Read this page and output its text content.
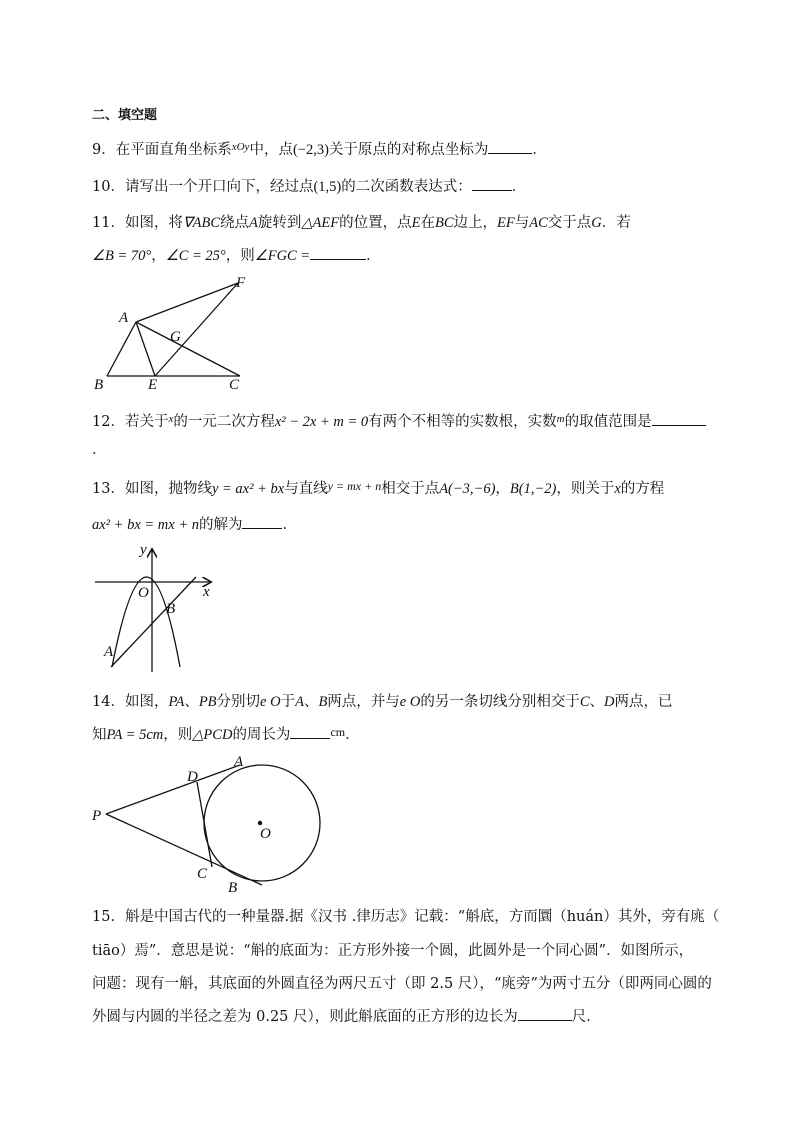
二、填空题
9．在平面直角坐标系$^{xOy}$中，点(−2,3)关于原点的对称点坐标为	．
10．请写出一个开口向下，经过点(1,5)的二次函数表达式：	．
11．如图，将∇ABC绕点A旋转到△AEF的位置，点E在BC边上，EF与AC交于点G．若
∠B = 70°，∠C = 25°，则∠FGC =	．
A
F
G
B	E	C
12．若关于$^x$的一元二次方程x² − 2x + m = 0有两个不相等的实数根，实数$^m$的取值范围是
．
13．如图，抛物线y = ax² + bx与直线$^{y = mx + n}$相交于点A(−3,−6)，B(1,−2)，则关于x的方程
ax² + bx = mx + n的解为	．
y
x
O
B
A
14．如图，PA、PB分别切e O于A、B两点，并与e O的另一条切线分别相交于C、D两点，已
知PA = 5cm，则△PCD的周长为	$^{cm}$．
P
D
A
O
C
B
15．斛是中国古代的一种量器.据《汉书 .律历志》记载：“斛底，方而圜（huán）其外，旁有庣（
tiāo）焉”．意思是说：“斛的底面为：正方形外接一个圆，此圆外是一个同心圆”．如图所示，
问题：现有一斛，其底面的外圆直径为两尺五寸（即 2.5 尺），“庣旁”为两寸五分（即两同心圆的
外圆与内圆的半径之差为 0.25 尺），则此斛底面的正方形的边长为	尺．
